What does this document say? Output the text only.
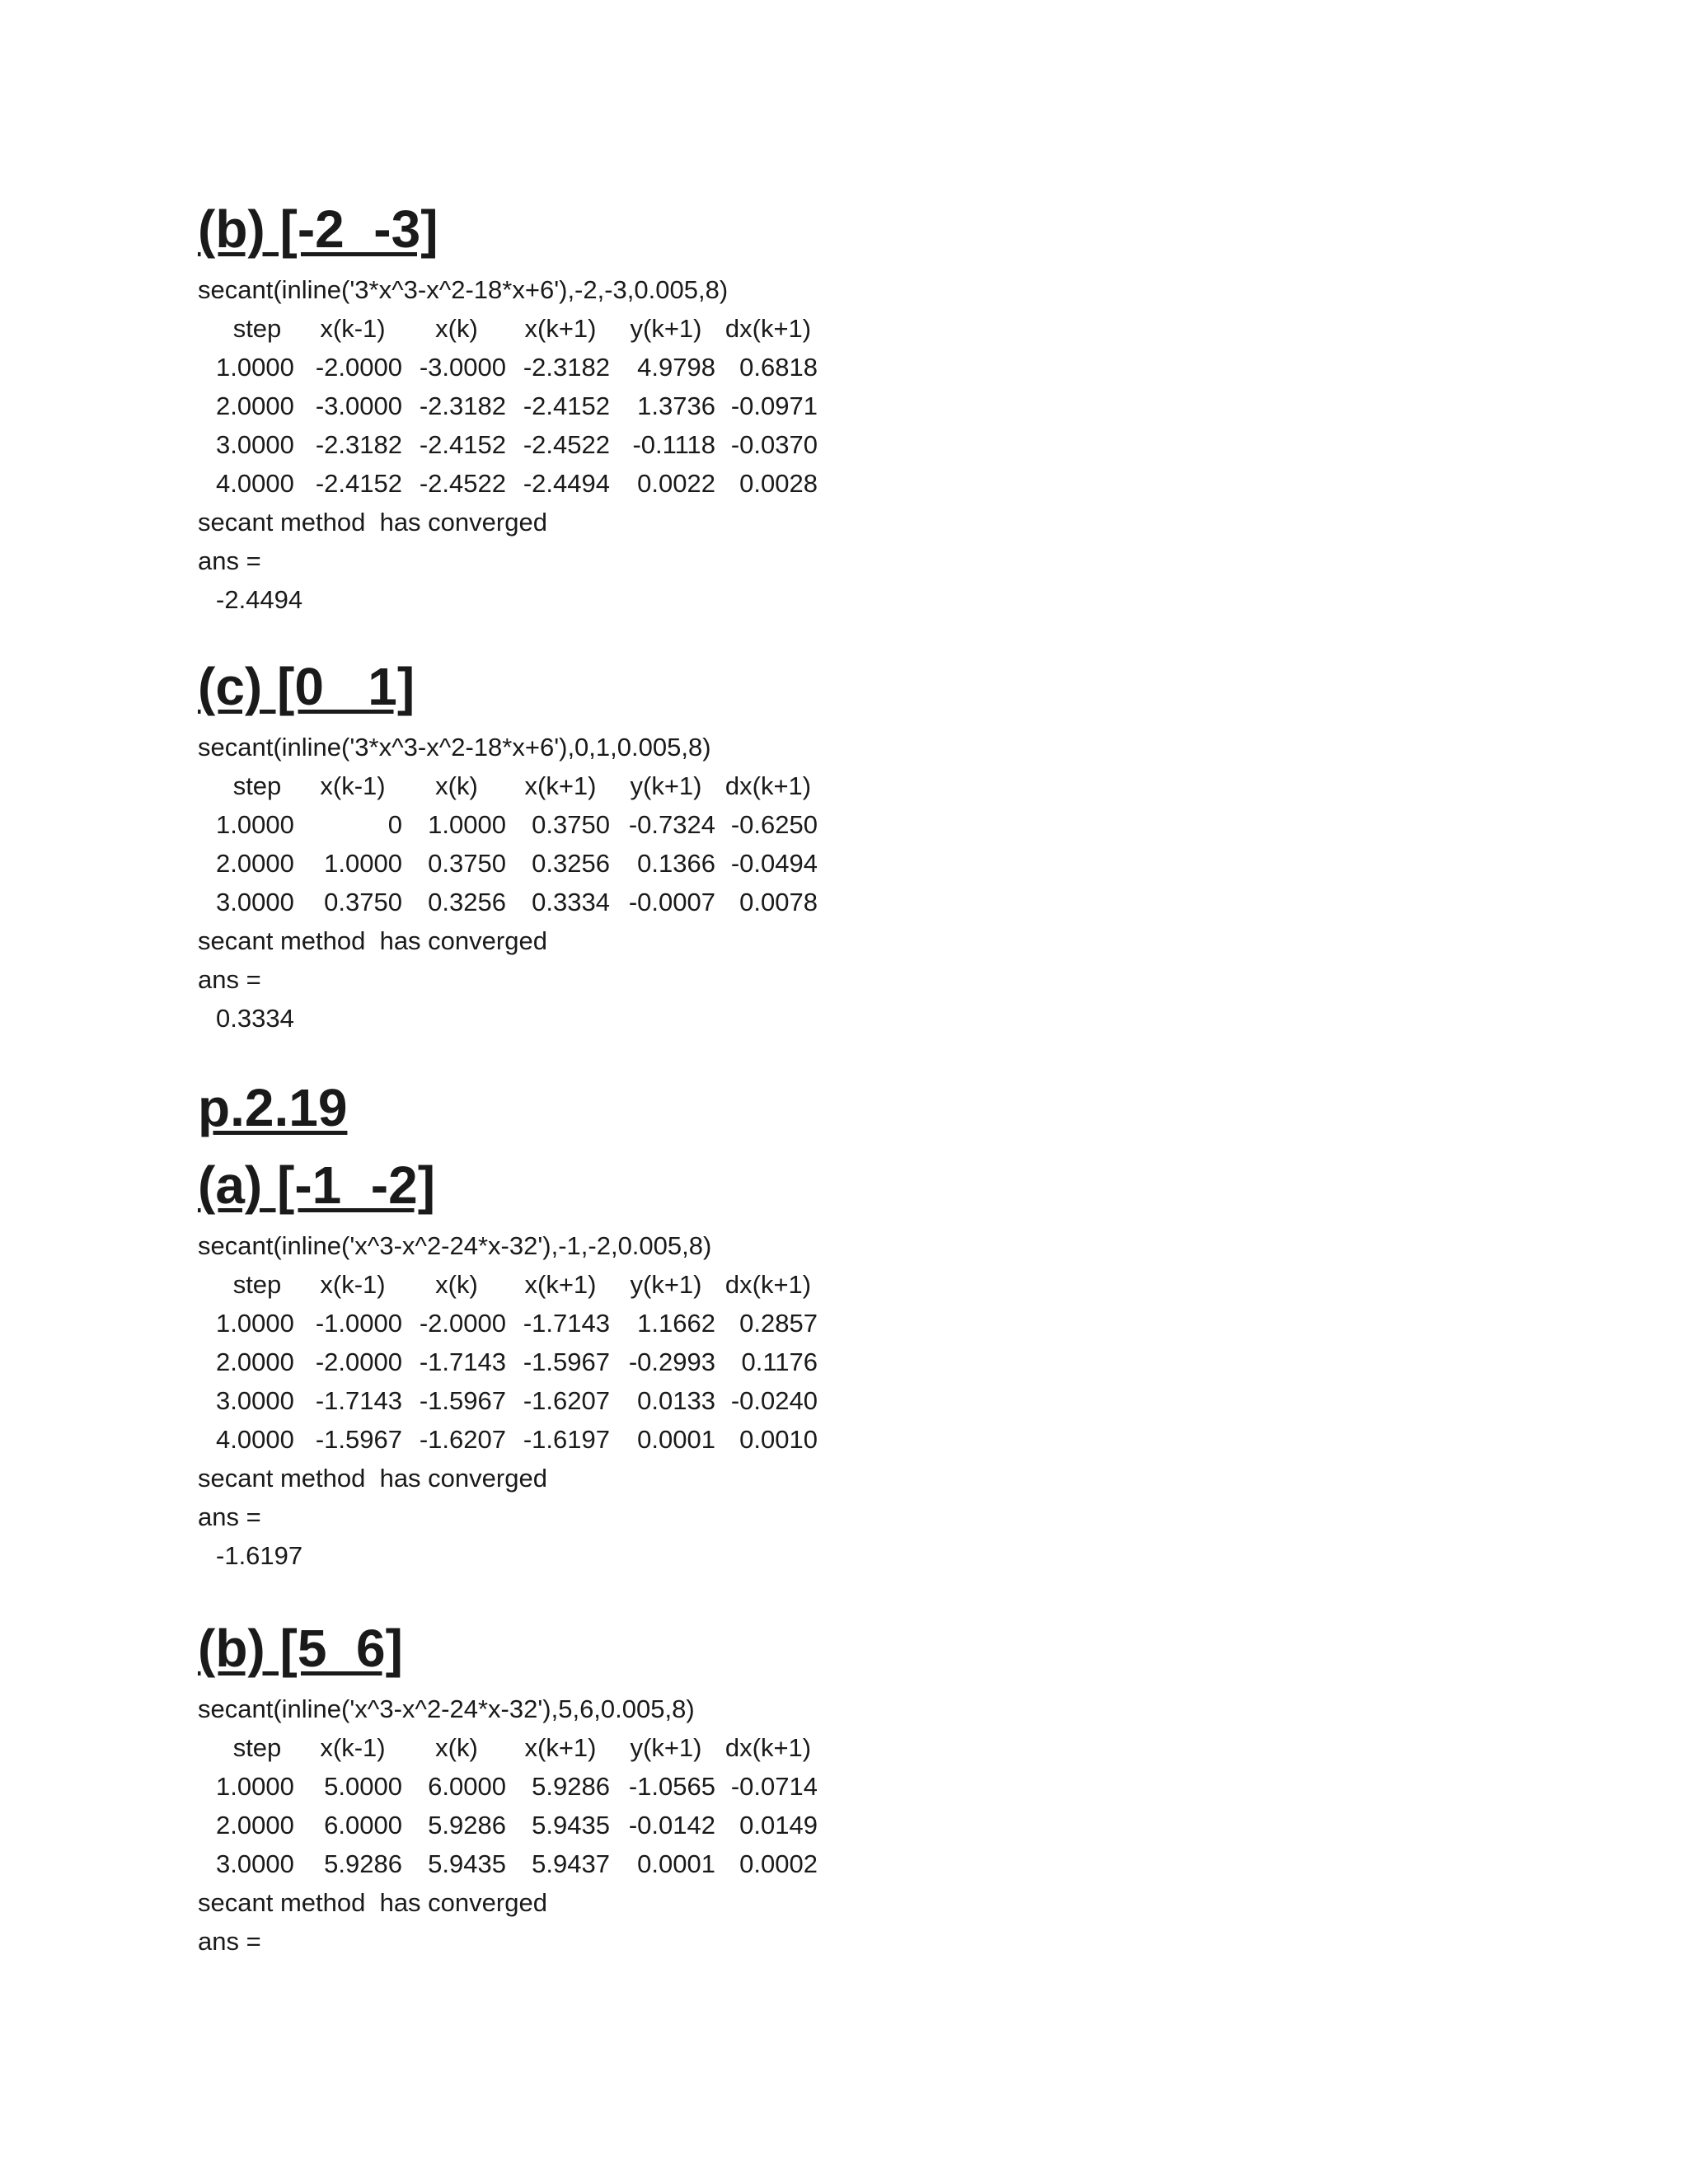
(b) [-2  -3]

secant(inline('3*x^3-x^2-18*x+6'),-2,-3,0.005,8)

step	x(k-1)	x(k)	x(k+1)	y(k+1) dx(k+1)
1.0000 -2.0000 -3.0000 -2.3182	4.9798 0.6818
2.0000 -3.0000 -2.3182 -2.4152	1.3736 -0.0971
3.0000 -2.3182 -2.4152 -2.4522 -0.1118 -0.0370
4.0000 -2.4152 -2.4522 -2.4494	0.0022 0.0028

secant method  has converged

ans =

-2.4494

(c) [0   1]

secant(inline('3*x^3-x^2-18*x+6'),0,1,0.005,8)

step	x(k-1)	x(k)	x(k+1)	y(k+1) dx(k+1)
1.0000	0	1.0000	0.3750 -0.7324 -0.6250
2.0000	1.0000	0.3750	0.3256	0.1366 -0.0494
3.0000	0.3750	0.3256	0.3334 -0.0007 0.0078

secant method  has converged

ans =

0.3334

p.2.19

(a) [-1  -2]

secant(inline('x^3-x^2-24*x-32'),-1,-2,0.005,8)

step	x(k-1)	x(k)	x(k+1)	y(k+1) dx(k+1)
1.0000 -1.0000 -2.0000 -1.7143	1.1662 0.2857
2.0000 -2.0000 -1.7143 -1.5967 -0.2993	0.1176
3.0000 -1.7143 -1.5967 -1.6207	0.0133 -0.0240
4.0000 -1.5967 -1.6207 -1.6197	0.0001 0.0010

secant method  has converged

ans =

-1.6197

(b) [5  6]

secant(inline('x^3-x^2-24*x-32'),5,6,0.005,8)

step	x(k-1)	x(k)	x(k+1)	y(k+1) dx(k+1)
1.0000	5.0000	6.0000	5.9286 -1.0565 -0.0714
2.0000	6.0000	5.9286	5.9435 -0.0142 0.0149
3.0000	5.9286	5.9435	5.9437	0.0001 0.0002

secant method  has converged

ans =
